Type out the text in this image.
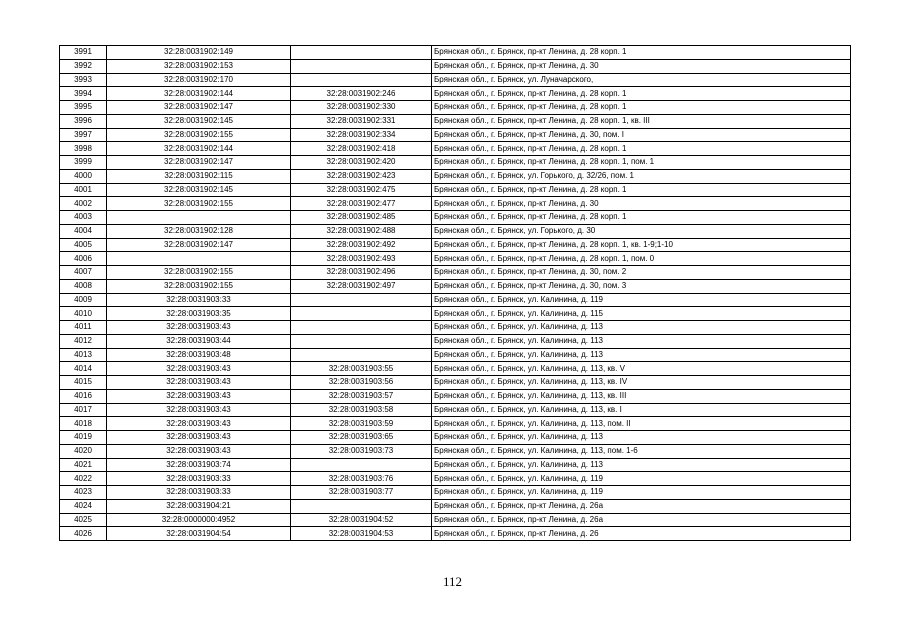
3991	32:28:0031902:149		Брянская обл., г. Брянск, пр-кт Ленина, д. 28 корп. 1
3992	32:28:0031902:153		Брянская обл., г. Брянск, пр-кт Ленина, д. 30
3993	32:28:0031902:170		Брянская обл., г. Брянск, ул. Луначарского,
3994	32:28:0031902:144	32:28:0031902:246	Брянская обл., г. Брянск, пр-кт Ленина, д. 28 корп. 1
3995	32:28:0031902:147	32:28:0031902:330	Брянская обл., г. Брянск, пр-кт Ленина, д. 28 корп. 1
3996	32:28:0031902:145	32:28:0031902:331	Брянская обл., г. Брянск, пр-кт Ленина, д. 28 корп. 1, кв. III
3997	32:28:0031902:155	32:28:0031902:334	Брянская обл., г. Брянск, пр-кт Ленина, д. 30, пом. I
3998	32:28:0031902:144	32:28:0031902:418	Брянская обл., г. Брянск, пр-кт Ленина, д. 28 корп. 1
3999	32:28:0031902:147	32:28:0031902:420	Брянская обл., г. Брянск, пр-кт Ленина, д. 28 корп. 1, пом. 1
4000	32:28:0031902:115	32:28:0031902:423	Брянская обл., г. Брянск, ул. Горького, д. 32/26, пом. 1
4001	32:28:0031902:145	32:28:0031902:475	Брянская обл., г. Брянск, пр-кт Ленина, д. 28 корп. 1
4002	32:28:0031902:155	32:28:0031902:477	Брянская обл., г. Брянск, пр-кт Ленина, д. 30
4003		32:28:0031902:485	Брянская обл., г. Брянск, пр-кт Ленина, д. 28 корп. 1
4004	32:28:0031902:128	32:28:0031902:488	Брянская обл., г. Брянск, ул. Горького, д. 30
4005	32:28:0031902:147	32:28:0031902:492	Брянская обл., г. Брянск, пр-кт Ленина, д. 28 корп. 1, кв. 1-9;1-10
4006		32:28:0031902:493	Брянская обл., г. Брянск, пр-кт Ленина, д. 28 корп. 1, пом. 0
4007	32:28:0031902:155	32:28:0031902:496	Брянская обл., г. Брянск, пр-кт Ленина, д. 30, пом. 2
4008	32:28:0031902:155	32:28:0031902:497	Брянская обл., г. Брянск, пр-кт Ленина, д. 30, пом. 3
4009	32:28:0031903:33		Брянская обл., г. Брянск, ул. Калинина, д. 119
4010	32:28:0031903:35		Брянская обл., г. Брянск, ул. Калинина, д. 115
4011	32:28:0031903:43		Брянская обл., г. Брянск, ул. Калинина, д. 113
4012	32:28:0031903:44		Брянская обл., г. Брянск, ул. Калинина, д. 113
4013	32:28:0031903:48		Брянская обл., г. Брянск, ул. Калинина, д. 113
4014	32:28:0031903:43	32:28:0031903:55	Брянская обл., г. Брянск, ул. Калинина, д. 113, кв. V
4015	32:28:0031903:43	32:28:0031903:56	Брянская обл., г. Брянск, ул. Калинина, д. 113, кв. IV
4016	32:28:0031903:43	32:28:0031903:57	Брянская обл., г. Брянск, ул. Калинина, д. 113, кв. III
4017	32:28:0031903:43	32:28:0031903:58	Брянская обл., г. Брянск, ул. Калинина, д. 113, кв. I
4018	32:28:0031903:43	32:28:0031903:59	Брянская обл., г. Брянск, ул. Калинина, д. 113, пом. II
4019	32:28:0031903:43	32:28:0031903:65	Брянская обл., г. Брянск, ул. Калинина, д. 113
4020	32:28:0031903:43	32:28:0031903:73	Брянская обл., г. Брянск, ул. Калинина, д. 113, пом. 1-6
4021	32:28:0031903:74		Брянская обл., г. Брянск, ул. Калинина, д. 113
4022	32:28:0031903:33	32:28:0031903:76	Брянская обл., г. Брянск, ул. Калинина, д. 119
4023	32:28:0031903:33	32:28:0031903:77	Брянская обл., г. Брянск, ул. Калинина, д. 119
4024	32:28:0031904:21		Брянская обл., г. Брянск, пр-кт Ленина, д. 26а
4025	32:28:0000000:4952	32:28:0031904:52	Брянская обл., г. Брянск, пр-кт Ленина, д. 26а
4026	32:28:0031904:54	32:28:0031904:53	Брянская обл., г. Брянск, пр-кт Ленина, д. 26
112
